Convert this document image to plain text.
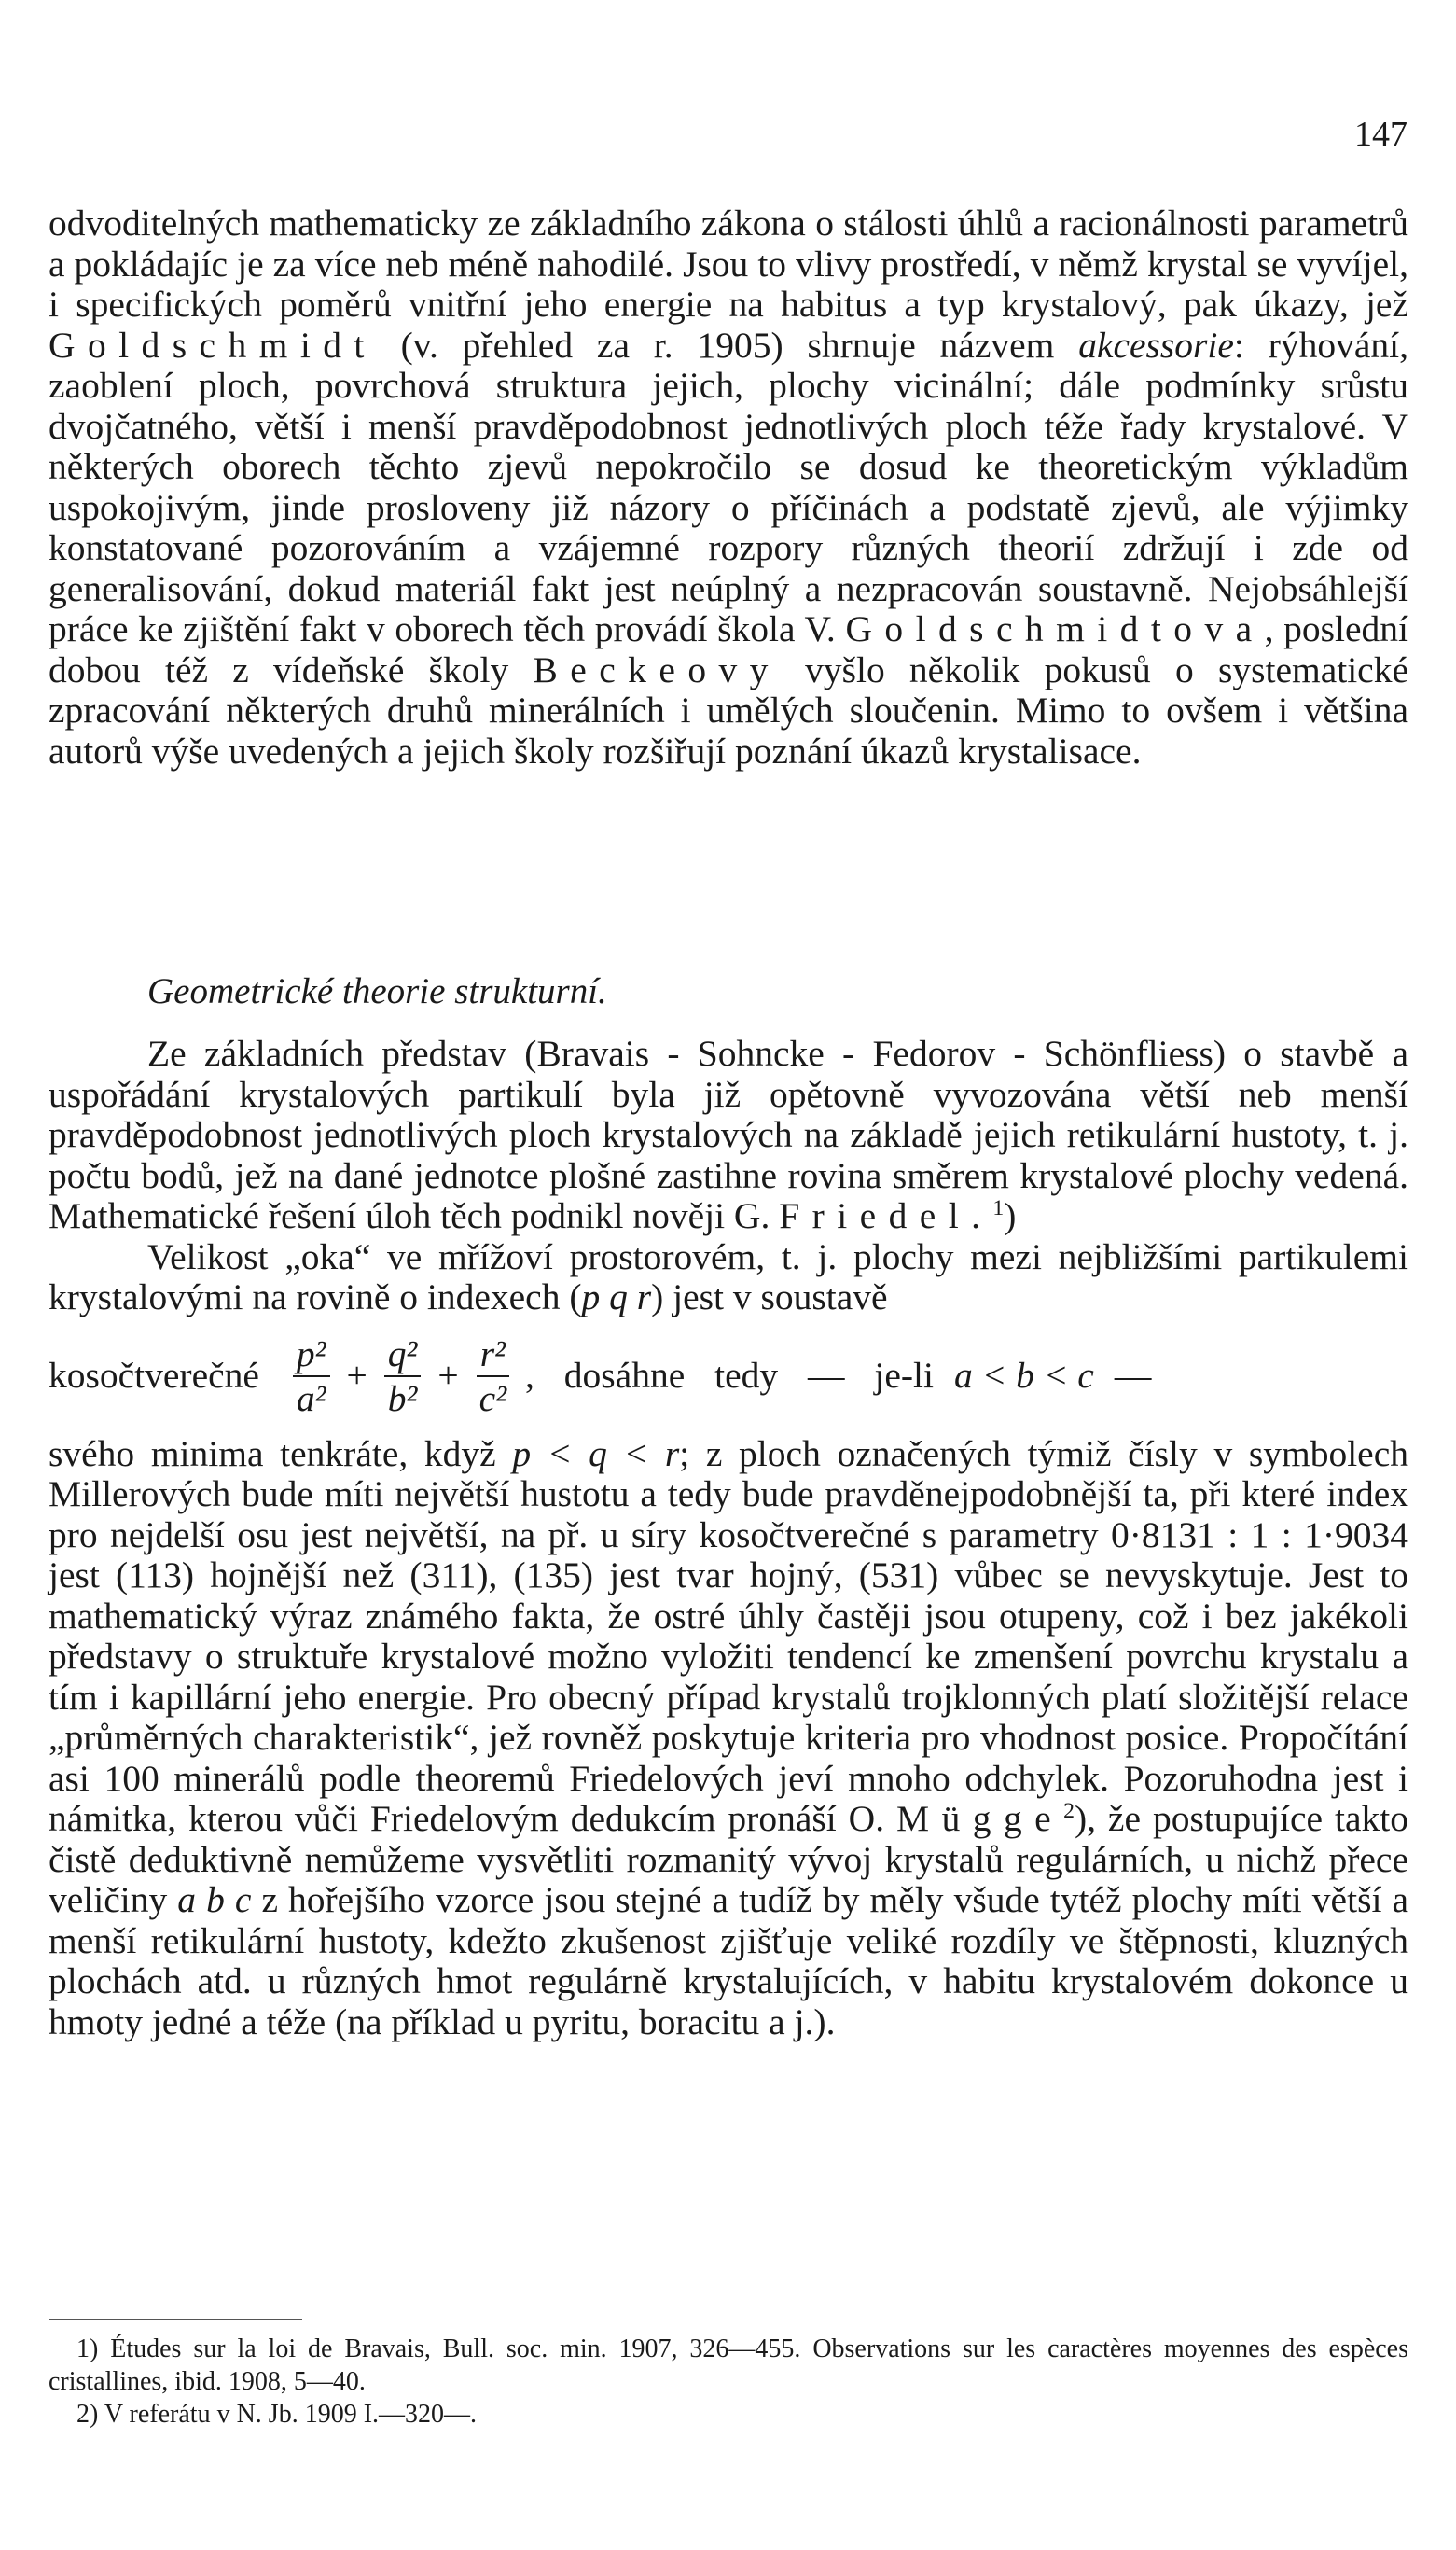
147

odvoditelných mathematicky ze základního zákona o stálosti úhlů a racionálnosti parametrů a pokládajíc je za více neb méně nahodilé. Jsou to vlivy prostředí, v němž krystal se vyvíjel, i specifických poměrů vnitřní jeho energie na habitus a typ krystalový, pak úkazy, jež Goldschmidt (v. přehled za r. 1905) shrnuje názvem akcessorie: rýhování, zaoblení ploch, povrchová struktura jejich, plochy vicinální; dále podmínky srůstu dvojčatného, větší i menší pravděpodobnost jednotlivých ploch téže řady krystalové. V některých oborech těchto zjevů nepokročilo se dosud ke theoretickým výkladům uspokojivým, jinde prosloveny již názory o příčinách a podstatě zjevů, ale výjimky konstatované pozorováním a vzájemné rozpory různých theorií zdržují i zde od generalisování, dokud materiál fakt jest neúplný a nezpracován soustavně. Nejobsáhlejší práce ke zjištění fakt v oborech těch provádí škola V. Goldschmidtova, poslední dobou též z vídeňské školy Beckeovy vyšlo několik pokusů o systematické zpracování některých druhů minerálních i umělých sloučenin. Mimo to ovšem i většina autorů výše uvedených a jejich školy rozšiřují poznání úkazů krystalisace.

Geometrické theorie strukturní.

Ze základních představ (Bravais - Sohncke - Fedorov - Schönfliess) o stavbě a uspořádání krystalových partikulí byla již opětovně vyvozována větší neb menší pravděpodobnost jednotlivých ploch krystalových na základě jejich retikulární hustoty, t. j. počtu bodů, jež na dané jednotce plošné zastihne rovina směrem krystalové plochy vedená. Mathematické řešení úloh těch podnikl nověji G. Friedel.$^1$)

Velikost „oka“ ve mřížoví prostorovém, t. j. plochy mezi nejbližšími partikulemi krystalovými na rovině o indexech (p q r) jest v soustavě

kosočtverečné $\frac{\text{p²}}{\text{a²}} + \frac{\text{q²}}{\text{b²}} + \frac{\text{r²}}{\text{c²}}$ , dosáhne tedy — je-li a < b < c —

svého minima tenkráte, když p < q < r; z ploch označených týmiž čísly v symbolech Millerových bude míti největší hustotu a tedy bude pravděnejpodobnější ta, při které index pro nejdelší osu jest největší, na př. u síry kosočtverečné s parametry 0·8131 : 1 : 1·9034 jest (113) hojnější než (311), (135) jest tvar hojný, (531) vůbec se nevyskytuje. Jest to mathematický výraz známého fakta, že ostré úhly častěji jsou otupeny, což i bez jakékoli představy o struktuře krystalové možno vyložiti tendencí ke zmenšení povrchu krystalu a tím i kapillární jeho energie. Pro obecný případ krystalů trojklonných platí složitější relace „průměrných charakteristik“, jež rovněž poskytuje kriteria pro vhodnost posice. Propočítání asi 100 minerálů podle theoremů Friedelových jeví mnoho odchylek. Pozoruhodna jest i námitka, kterou vůči Friedelovým dedukcím pronáší O. Mügge$^2$), že postupujíce takto čistě deduktivně nemůžeme vysvětliti rozmanitý vývoj krystalů regulárních, u nichž přece veličiny a b c z hořejšího vzorce jsou stejné a tudíž by měly všude tytéž plochy míti větší a menší retikulární hustoty, kdežto zkušenost zjišťuje veliké rozdíly ve štěpnosti, kluzných plochách atd. u různých hmot regulárně krystalujících, v habitu krystalovém dokonce u hmoty jedné a téže (na příklad u pyritu, boracitu a j.).

1) Études sur la loi de Bravais, Bull. soc. min. 1907, 326—455. Observations sur les caractères moyennes des espèces cristallines, ibid. 1908, 5—40.

2) V referátu v N. Jb. 1909 I.—320—.
